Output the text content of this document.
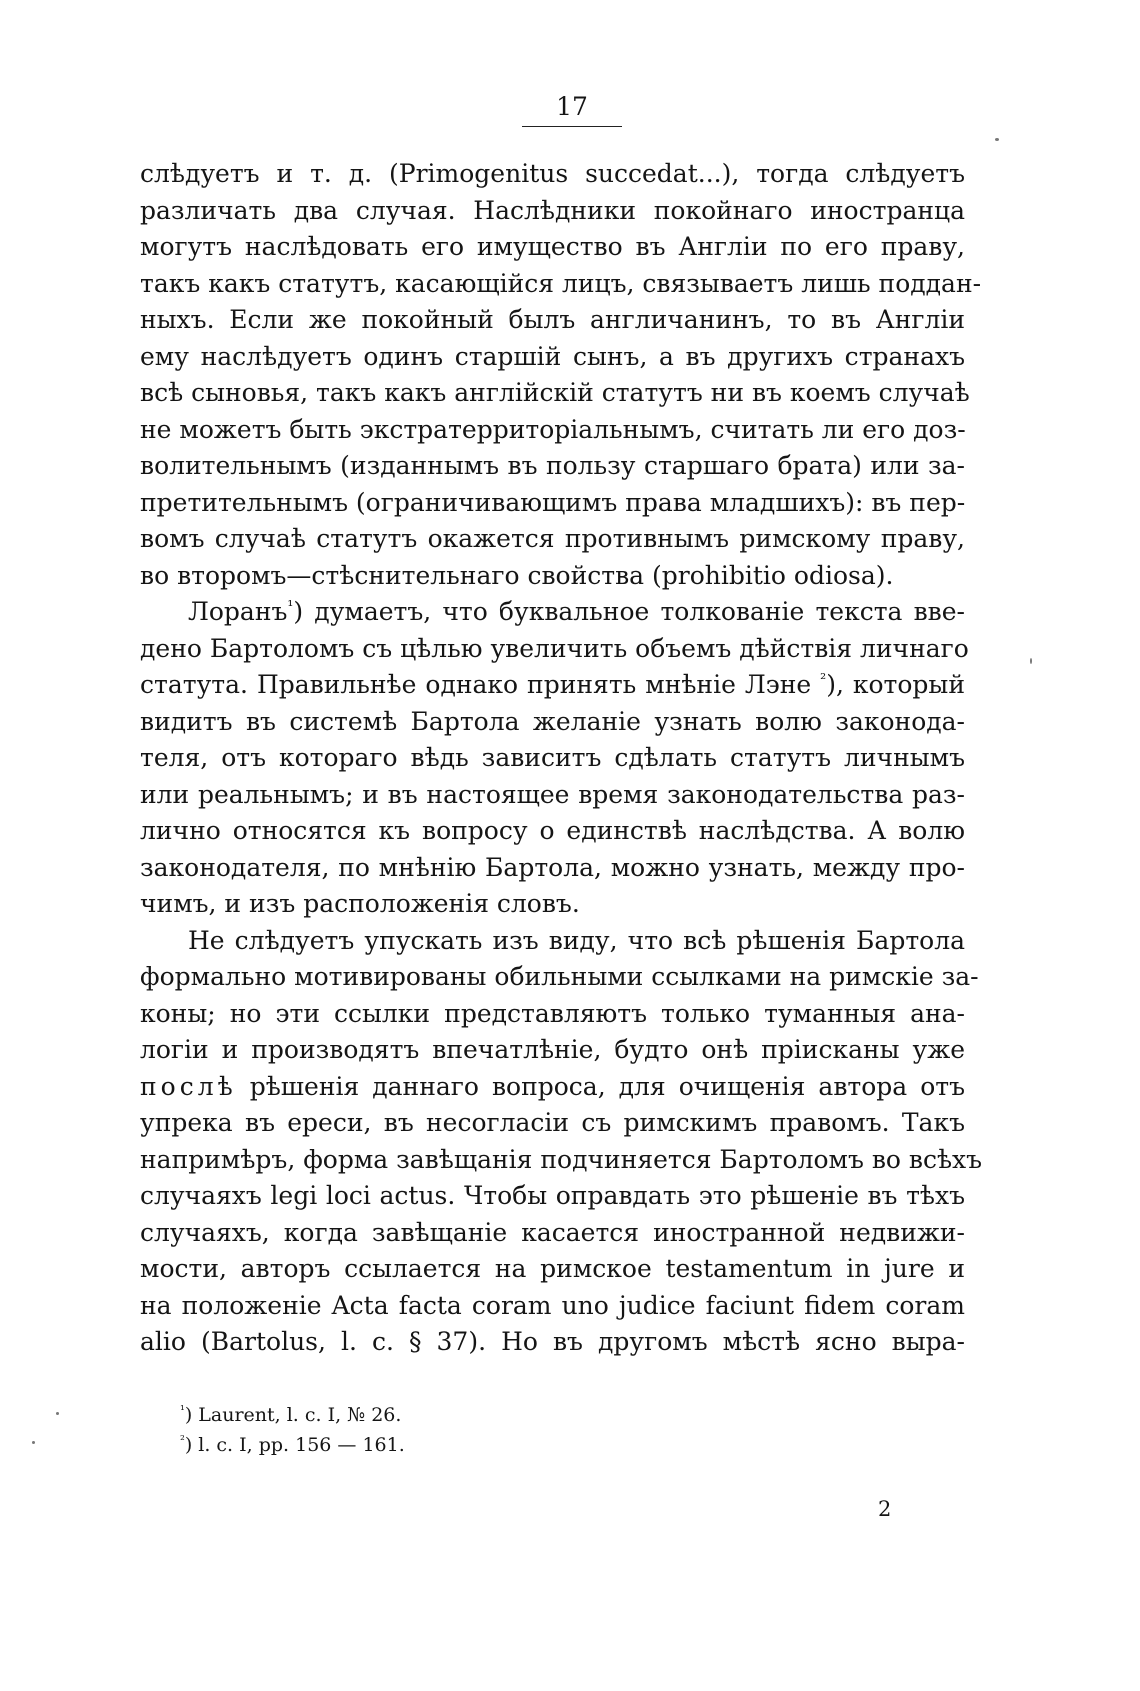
17
слѣдуетъ и т. д. (Primogenitus succedat...), тогда слѣдуетъ
различать два случая. Наслѣдники покойнаго иностранца
могутъ наслѣдовать его имущество въ Англіи по его праву,
такъ какъ статутъ, касающійся лицъ, связываетъ лишь поддан-
ныхъ. Если же покойный былъ англичанинъ, то въ Англіи
ему наслѣдуетъ одинъ старшій сынъ, а въ другихъ странахъ
всѣ сыновья, такъ какъ англійскій статутъ ни въ коемъ случаѣ
не можетъ быть экстратерриторіальнымъ, считать ли его доз-
волительнымъ (изданнымъ въ пользу старшаго брата) или за-
претительнымъ (ограничивающимъ права младшихъ): въ пер-
вомъ случаѣ статутъ окажется противнымъ римскому праву,
во второмъ—стѣснительнаго свойства (prohibitio odiosa).
Лоранъ$^{^1}$) думаетъ, что буквальное толкованіе текста вве-
дено Бартоломъ съ цѣлью увеличить объемъ дѣйствія личнаго
статута. Правильнѣе однако принять мнѣніе Лэне $^{^2}$), который
видитъ въ системѣ Бартола желаніе узнать волю законода-
теля, отъ котораго вѣдь зависитъ сдѣлать статутъ личнымъ
или реальнымъ; и въ настоящее время законодательства раз-
лично относятся къ вопросу о единствѣ наслѣдства. А волю
законодателя, по мнѣнію Бартола, можно узнать, между про-
чимъ, и изъ расположенія словъ.
Не слѣдуетъ упускать изъ виду, что всѣ рѣшенія Бартола
формально мотивированы обильными ссылками на римскіе за-
коны; но эти ссылки представляютъ только туманныя ана-
логіи и производятъ впечатлѣніе, будто онѣ пріисканы уже
послѣ рѣшенія даннаго вопроса, для очищенія автора отъ
упрека въ ереси, въ несогласіи съ римскимъ правомъ. Такъ
напримѣръ, форма завѣщанія подчиняется Бартоломъ во всѣхъ
случаяхъ legi loci actus. Чтобы оправдать это рѣшеніе въ тѣхъ
случаяхъ, когда завѣщаніе касается иностранной недвижи-
мости, авторъ ссылается на римское testamentum in jure и
на положеніе Acta facta coram uno judice faciunt fidem coram
alio (Bartolus, l. c. § 37). Но въ другомъ мѣстѣ ясно выра-
$^{^1}$) Laurent, l. c. I, № 26.
$^{^2}$) l. c. I, pp. 156 — 161.
2
